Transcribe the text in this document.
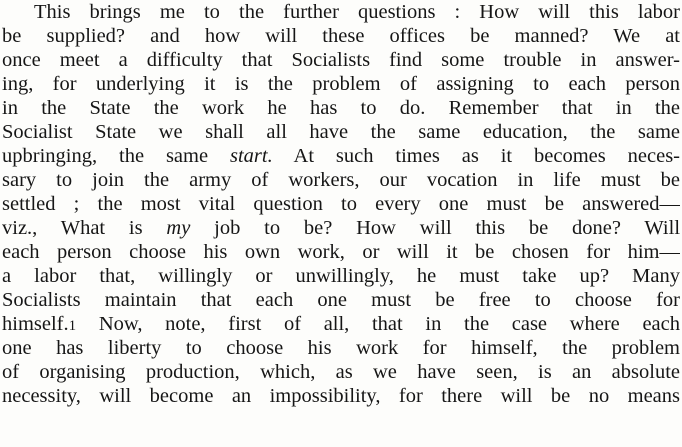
This brings me to the further questions : How will this labor
be supplied? and how will these offices be manned? We at
once meet a difficulty that Socialists find some trouble in answer-
ing, for underlying it is the problem of assigning to each person
in the State the work he has to do. Remember that in the
Socialist State we shall all have the same education, the same
upbringing, the same start. At such times as it becomes neces-
sary to join the army of workers, our vocation in life must be
settled ; the most vital question to every one must be answered—
viz., What is my job to be? How will this be done? Will
each person choose his own work, or will it be chosen for him—
a labor that, willingly or unwillingly, he must take up? Many
Socialists maintain that each one must be free to choose for
himself.1 Now, note, first of all, that in the case where each
one has liberty to choose his work for himself, the problem
of organising production, which, as we have seen, is an absolute
necessity, will become an impossibility, for there will be no means
